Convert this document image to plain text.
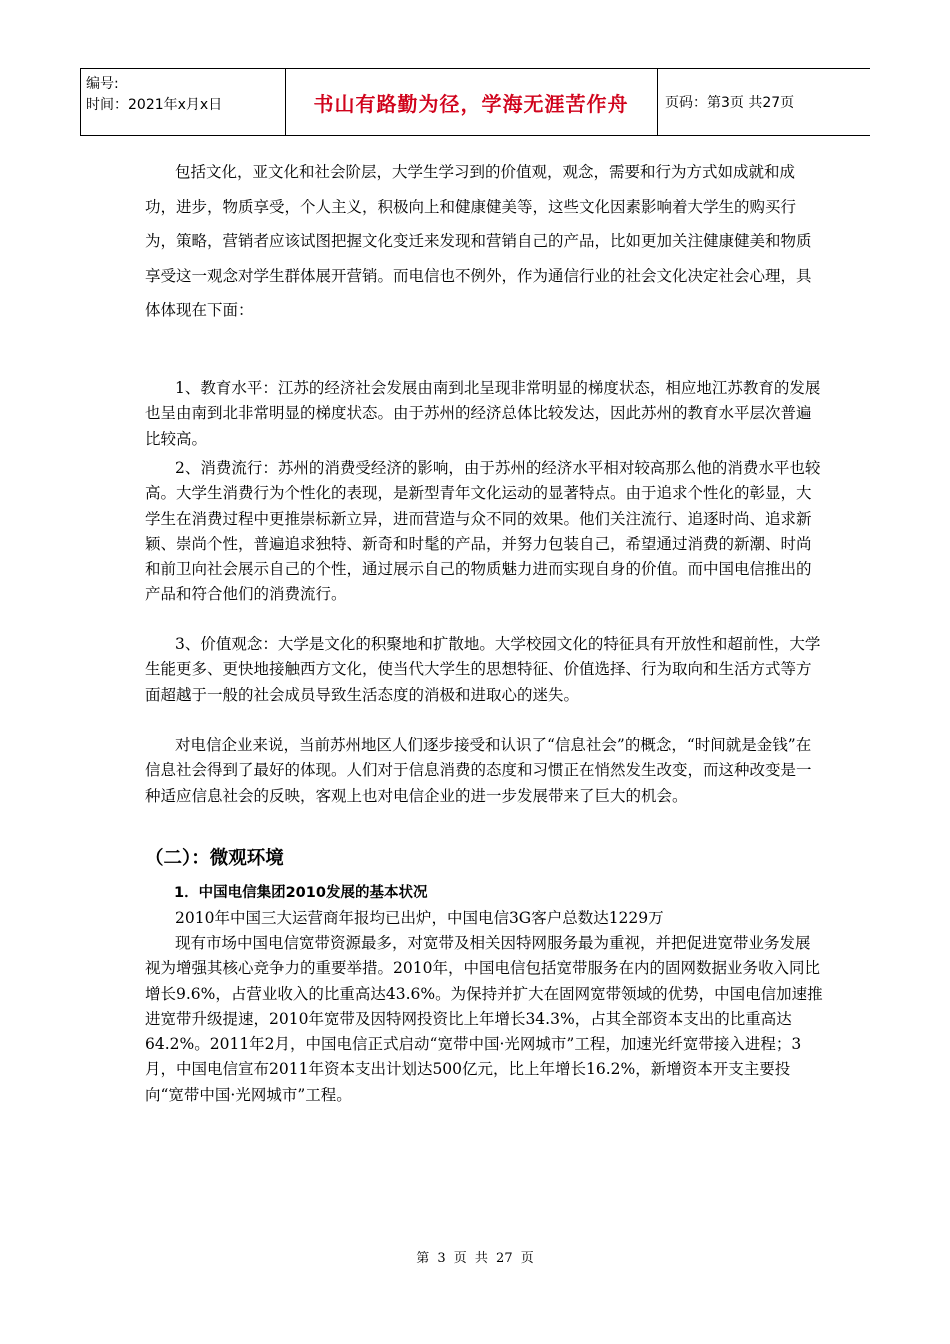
编号:
时间：2021年x月x日	书山有路勤为径，学海无涯苦作舟	页码：第3页 共27页

包括文化，亚文化和社会阶层，大学生学习到的价值观，观念，需要和行为方式如成就和成功，进步，物质享受，个人主义，积极向上和健康健美等，这些文化因素影响着大学生的购买行为，策略，营销者应该试图把握文化变迁来发现和营销自己的产品，比如更加关注健康健美和物质享受这一观念对学生群体展开营销。而电信也不例外，作为通信行业的社会文化决定社会心理，具体体现在下面：

1、教育水平：江苏的经济社会发展由南到北呈现非常明显的梯度状态，相应地江苏教育的发展也呈由南到北非常明显的梯度状态。由于苏州的经济总体比较发达，因此苏州的教育水平层次普遍比较高。

2、消费流行：苏州的消费受经济的影响，由于苏州的经济水平相对较高那么他的消费水平也较高。大学生消费行为个性化的表现，是新型青年文化运动的显著特点。由于追求个性化的彰显，大学生在消费过程中更推崇标新立异，进而营造与众不同的效果。他们关注流行、追逐时尚、追求新颖、崇尚个性，普遍追求独特、新奇和时髦的产品，并努力包装自己，希望通过消费的新潮、时尚和前卫向社会展示自己的个性，通过展示自己的物质魅力进而实现自身的价值。而中国电信推出的产品和符合他们的消费流行。

3、价值观念：大学是文化的积聚地和扩散地。大学校园文化的特征具有开放性和超前性，大学生能更多、更快地接触西方文化，使当代大学生的思想特征、价值选择、行为取向和生活方式等方面超越于一般的社会成员导致生活态度的消极和进取心的迷失。

对电信企业来说，当前苏州地区人们逐步接受和认识了“信息社会”的概念，“时间就是金钱”在信息社会得到了最好的体现。人们对于信息消费的态度和习惯正在悄然发生改变，而这种改变是一种适应信息社会的反映，客观上也对电信企业的进一步发展带来了巨大的机会。

（二）：微观环境
1．中国电信集团2010发展的基本状况

2010年中国三大运营商年报均已出炉，中国电信3G客户总数达1229万

现有市场中国电信宽带资源最多，对宽带及相关因特网服务最为重视，并把促进宽带业务发展视为增强其核心竞争力的重要举措。2010年，中国电信包括宽带服务在内的固网数据业务收入同比增长9.6%，占营业收入的比重高达43.6%。为保持并扩大在固网宽带领域的优势，中国电信加速推进宽带升级提速，2010年宽带及因特网投资比上年增长34.3%，占其全部资本支出的比重高达64.2%。2011年2月，中国电信正式启动“宽带中国·光网城市”工程，加速光纤宽带接入进程；3月，中国电信宣布2011年资本支出计划达500亿元，比上年增长16.2%，新增资本开支主要投向“宽带中国·光网城市”工程。

第 3 页 共 27 页
